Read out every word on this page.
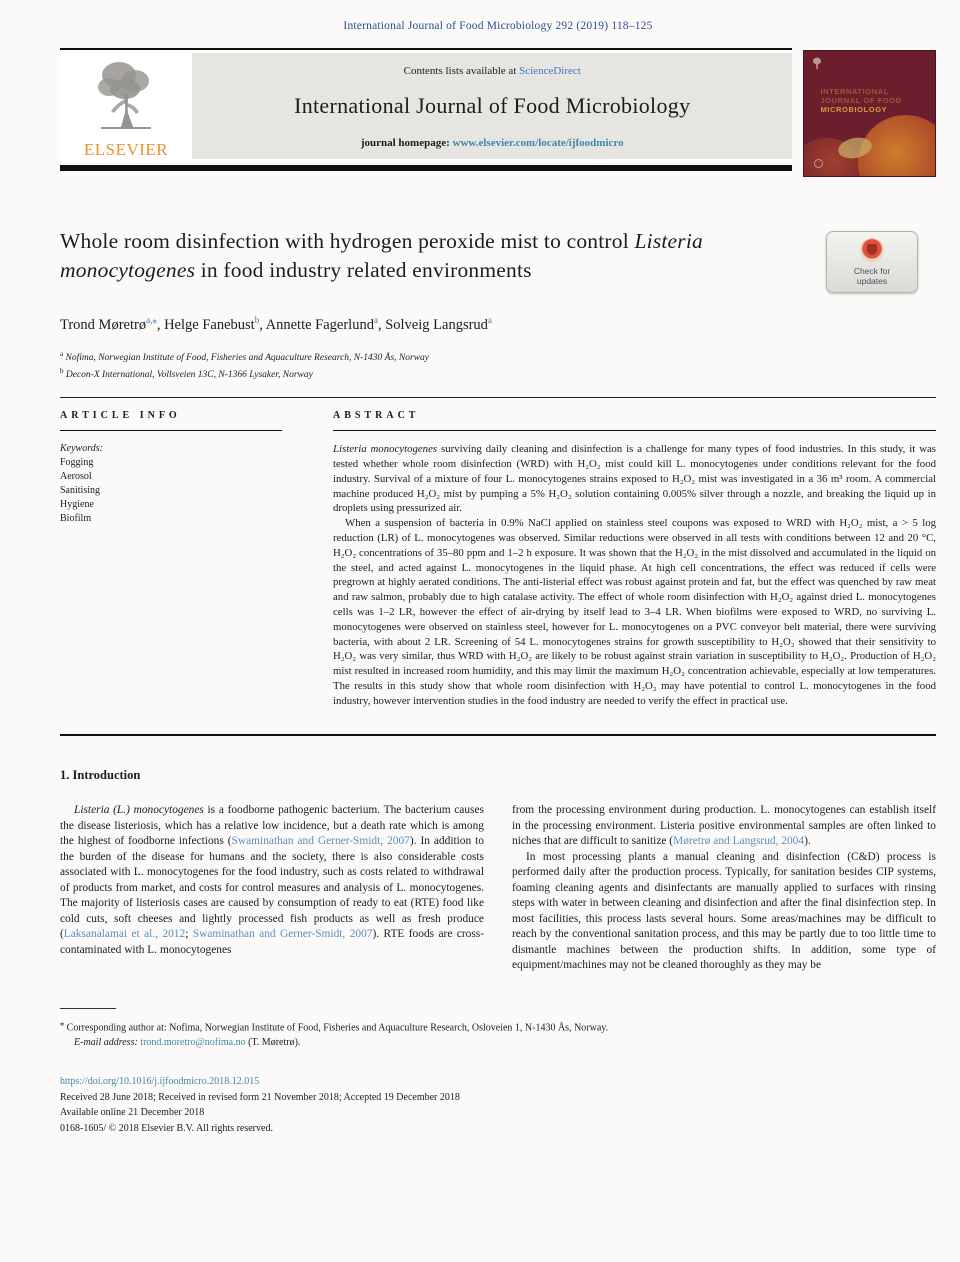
International Journal of Food Microbiology 292 (2019) 118–125
ELSEVIER
Contents lists available at ScienceDirect
International Journal of Food Microbiology
journal homepage: www.elsevier.com/locate/ijfoodmicro
INTERNATIONAL
JOURNAL OF FOOD
MICROBIOLOGY
Whole room disinfection with hydrogen peroxide mist to control Listeria monocytogenes in food industry related environments	Check for
updates
Trond Møretrø$^{a,⁎}$, Helge Fanebust$^b$, Annette Fagerlund$^a$, Solveig Langsrud$^a$
$^a$ Nofima, Norwegian Institute of Food, Fisheries and Aquaculture Research, N-1430 Ås, Norway
$^b$ Decon-X International, Vollsveien 13C, N-1366 Lysaker, Norway
ARTICLE INFO
Keywords:
Fogging
Aerosol
Sanitising
Hygiene
Biofilm
ABSTRACT

Listeria monocytogenes surviving daily cleaning and disinfection is a challenge for many types of food industries. In this study, it was tested whether whole room disinfection (WRD) with H₂O₂ mist could kill L. monocytogenes under conditions relevant for the food industry. Survival of a mixture of four L. monocytogenes strains exposed to H₂O₂ mist was investigated in a 36 m³ room. A commercial machine produced H₂O₂ mist by pumping a 5% H₂O₂ solution containing 0.005% silver through a nozzle, and breaking the liquid up in droplets using pressurized air.

When a suspension of bacteria in 0.9% NaCl applied on stainless steel coupons was exposed to WRD with H₂O₂ mist, a > 5 log reduction (LR) of L. monocytogenes was observed. Similar reductions were observed in all tests with conditions between 12 and 20 °C, H₂O₂ concentrations of 35–80 ppm and 1–2 h exposure. It was shown that the H₂O₂ in the mist dissolved and accumulated in the liquid on the steel, and acted against L. monocytogenes in the liquid phase. At high cell concentrations, the effect was reduced if cells were pregrown at highly aerated conditions. The anti-listerial effect was robust against protein and fat, but the effect was quenched by raw meat and raw salmon, probably due to high catalase activity. The effect of whole room disinfection with H₂O₂ against dried L. monocytogenes cells was 1–2 LR, however the effect of air-drying by itself lead to 3–4 LR. When biofilms were exposed to WRD, no surviving L. monocytogenes were observed on stainless steel, however for L. monocytogenes on a PVC conveyor belt material, there were surviving bacteria, with about 2 LR. Screening of 54 L. monocytogenes strains for growth susceptibility to H₂O₂ showed that their sensitivity to H₂O₂ was very similar, thus WRD with H₂O₂ are likely to be robust against strain variation in susceptibility to H₂O₂. Production of H₂O₂ mist resulted in increased room humidity, and this may limit the maximum H₂O₂ concentration achievable, especially at low temperatures. The results in this study show that whole room disinfection with H₂O₂ may have potential to control L. monocytogenes in the food industry, however intervention studies in the food industry are needed to verify the effect in practical use.

1. Introduction

Listeria (L.) monocytogenes is a foodborne pathogenic bacterium. The bacterium causes the disease listeriosis, which has a relative low incidence, but a death rate which is among the highest of foodborne infections (Swaminathan and Gerner-Smidt, 2007). In addition to the burden of the disease for humans and the society, there is also considerable costs associated with L. monocytogenes for the food industry, such as costs related to withdrawal of products from market, and costs for control measures and analysis of L. monocytogenes. The majority of listeriosis cases are caused by consumption of ready to eat (RTE) food like cold cuts, soft cheeses and lightly processed fish products as well as fresh produce (Laksanalamai et al., 2012; Swaminathan and Gerner-Smidt, 2007). RTE foods are cross-contaminated with L. monocytogenes

from the processing environment during production. L. monocytogenes can establish itself in the processing environment. Listeria positive environmental samples are often linked to niches that are difficult to sanitize (Møretrø and Langsrud, 2004).

In most processing plants a manual cleaning and disinfection (C&D) process is performed daily after the production process. Typically, for sanitation besides CIP systems, foaming cleaning agents and disinfectants are manually applied to surfaces with rinsing steps with water in between cleaning and disinfection and after the final disinfection step. In most facilities, this process lasts several hours. Some areas/machines may be difficult to reach by the conventional sanitation process, and this may be partly due to too little time to dismantle machines between the production shifts. In addition, some type of equipment/machines may not be cleaned thoroughly as they may be

⁎ Corresponding author at: Nofima, Norwegian Institute of Food, Fisheries and Aquaculture Research, Osloveien 1, N-1430 Ås, Norway.
E-mail address: trond.moretro@nofima.no (T. Møretrø).
https://doi.org/10.1016/j.ijfoodmicro.2018.12.015
Received 28 June 2018; Received in revised form 21 November 2018; Accepted 19 December 2018
Available online 21 December 2018
0168-1605/ © 2018 Elsevier B.V. All rights reserved.
